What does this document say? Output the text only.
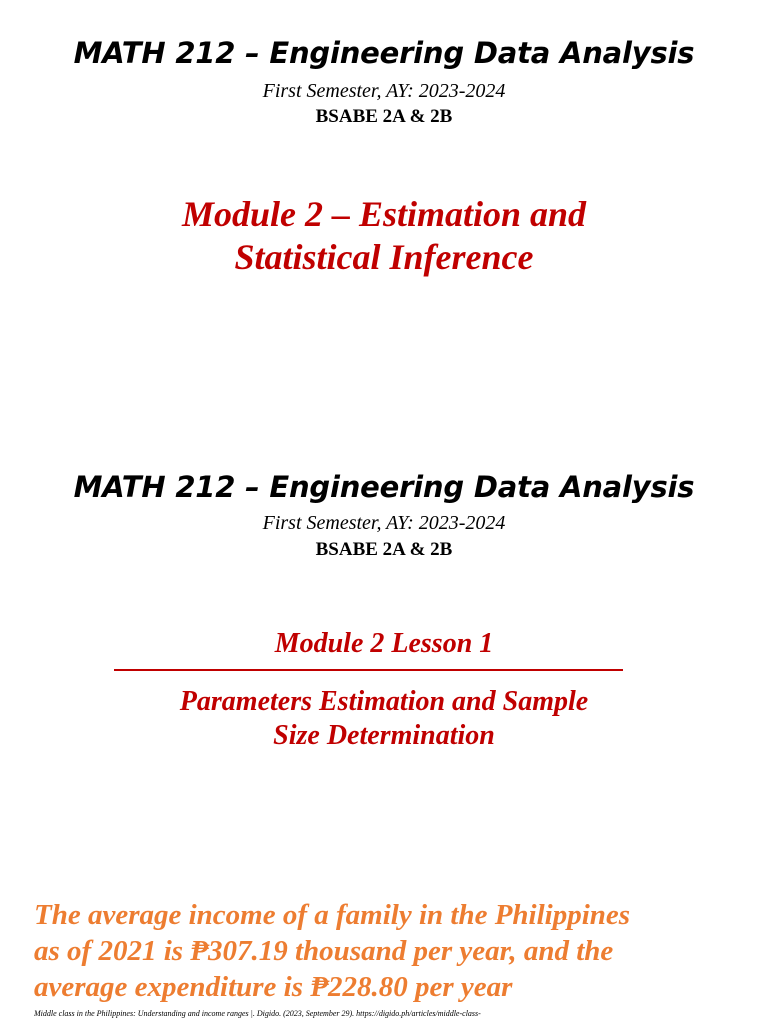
MATH 212 – Engineering Data Analysis
First Semester, AY: 2023-2024
BSABE 2A & 2B
Module 2 – Estimation and
Statistical Inference
MATH 212 – Engineering Data Analysis
First Semester, AY: 2023-2024
BSABE 2A & 2B
Module 2 Lesson 1
Parameters Estimation and Sample
Size Determination
The average income of a family in the Philippines
as of 2021 is ₱307.19 thousand per year, and the
average expenditure is ₱228.80 per year
Middle class in the Philippines: Understanding and income ranges |. Digido. (2023, September 29). https://digido.ph/articles/middle-class-
